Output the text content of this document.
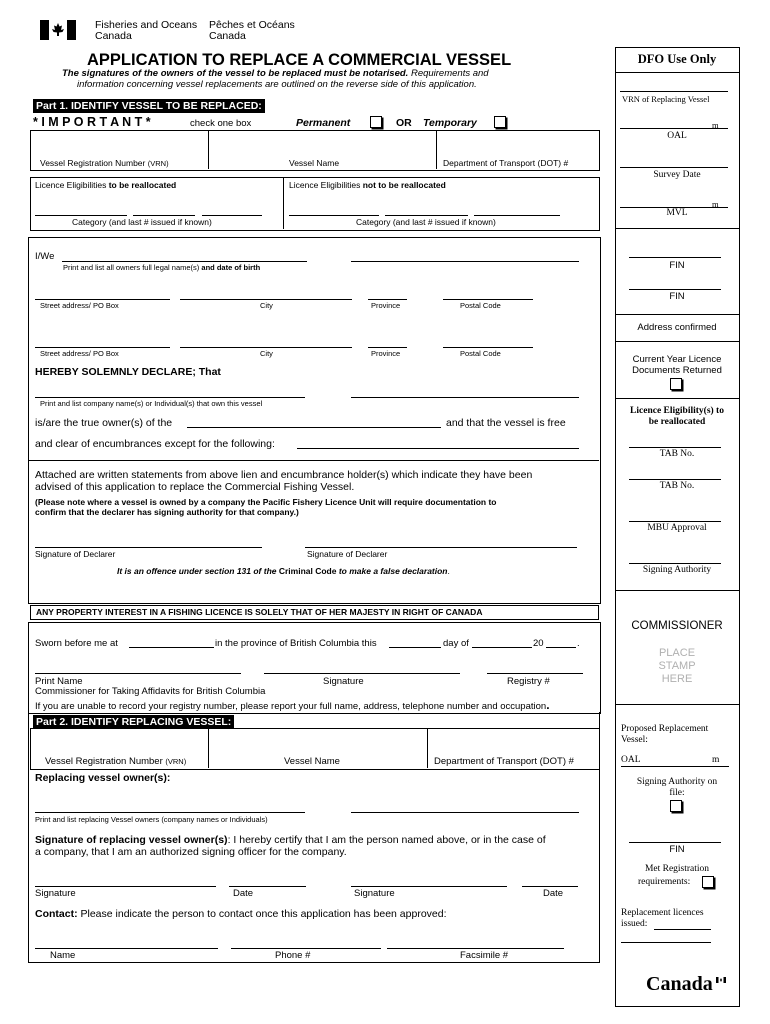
Fisheries and Oceans
Canada
Pêches et Océans
Canada
APPLICATION TO REPLACE A COMMERCIAL VESSEL
The signatures of the owners of the vessel to be replaced must be notarised. Requirements and
information concerning vessel replacements are outlined on the reverse side of this application.
DFO Use Only
VRN of Replacing Vessel
m
OAL
Survey Date
m
MVL
FIN
FIN
Address confirmed
Current Year Licence
Documents Returned
Licence Eligibility(s) to
be reallocated
TAB No.
TAB No.
MBU Approval
Signing Authority
COMMISSIONER
PLACE
STAMP
HERE
Proposed Replacement
Vessel:
OAL	m
Signing Authority on
file:
FIN
Met Registration
requirements:
Replacement licences
issued:
Part 1. IDENTIFY VESSEL TO BE REPLACED:
* I M P O R T A N T *	check one box	Permanent	OR Temporary
Vessel Registration Number (VRN)	Vessel Name	Department of Transport (DOT) #
Licence Eligibilities to be reallocated	Licence Eligibilities not to be reallocated
Category (and last # issued if known)	Category (and last # issued if known)
I/We
Print and list all owners full legal name(s) and date of birth
Street address/ PO Box	City	Province	Postal Code
Street address/ PO Box	City	Province	Postal Code
HEREBY SOLEMNLY DECLARE; That
Print and list company name(s) or Individual(s) that own this vessel
is/are the true owner(s) of the	and that the vessel is free
and clear of encumbrances except for the following:
Attached are written statements from above lien and encumbrance holder(s) which indicate they have been
advised of this application to replace the Commercial Fishing Vessel.
(Please note where a vessel is owned by a company the Pacific Fishery Licence Unit will require documentation to
confirm that the declarer has signing authority for that company.)
Signature of Declarer	Signature of Declarer
It is an offence under section 131 of the Criminal Code to make a false declaration.
ANY PROPERTY INTEREST IN A FISHING LICENCE IS SOLELY THAT OF HER MAJESTY IN RIGHT OF CANADA
Sworn before me at	in the province of British Columbia this	day of	20	.
Print Name	Signature	Registry #
Commissioner for Taking Affidavits for British Columbia
If you are unable to record your registry number, please report your full name, address, telephone number and occupation.
Part 2. IDENTIFY REPLACING VESSEL:
Vessel Registration Number (VRN)	Vessel Name	Department of Transport (DOT) #
Replacing vessel owner(s):
Print and list replacing Vessel owners (company names or Individuals)
Signature of replacing vessel owner(s): I hereby certify that I am the person named above, or in the case of
a company, that I am an authorized signing officer for the company.
Signature	Date	Signature	Date
Contact: Please indicate the person to contact once this application has been approved:
Name	Phone #	Facsimile #
Canada
